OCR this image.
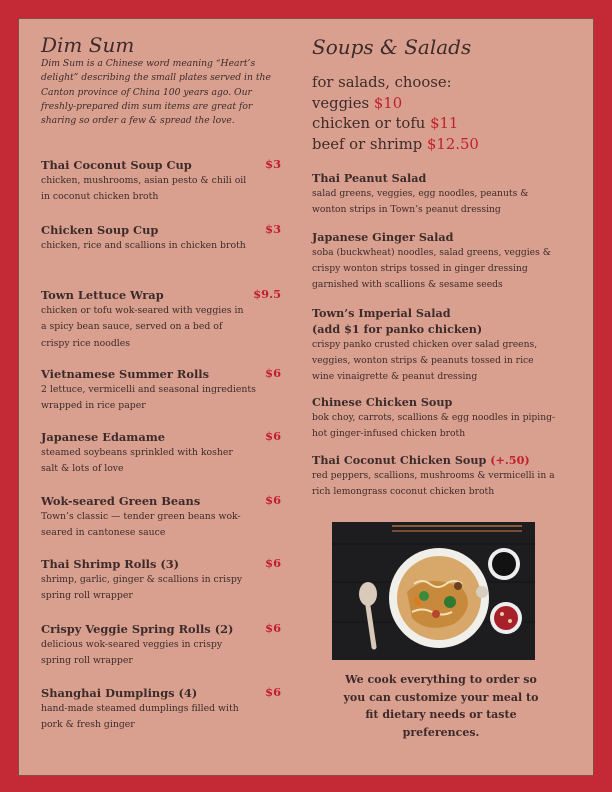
Dim Sum
Dim Sum is a Chinese word meaning “Heart’s delight” describing the small plates served in the Canton province of China 100 years ago. Our freshly-prepared dim sum items are great for sharing so order a few & spread the love.
Thai Coconut Soup Cup	$3
chicken, mushrooms, asian pesto & chili oil in coconut chicken broth
Chicken Soup Cup	$3
chicken, rice and scallions in chicken broth
Town Lettuce Wrap	$9.5
chicken or tofu wok-seared with veggies in a spicy bean sauce, served on a bed of crispy rice noodles
Vietnamese Summer Rolls	$6
2 lettuce, vermicelli and seasonal ingredients wrapped in rice paper
Japanese Edamame	$6
steamed soybeans sprinkled with kosher salt & lots of love
Wok-seared Green Beans	$6
Town’s classic — tender green beans wok-seared in cantonese sauce
Thai Shrimp Rolls (3)	$6
shrimp, garlic, ginger & scallions in crispy spring roll wrapper
Crispy Veggie Spring Rolls (2)	$6
delicious wok-seared veggies in crispy spring roll wrapper
Shanghai Dumplings (4)	$6
hand-made steamed dumplings filled with pork & fresh ginger
Soups & Salads
for salads, choose:
veggies $10
chicken or tofu $11
beef or shrimp $12.50
Thai Peanut Salad
salad greens, veggies, egg noodles, peanuts & wonton strips in Town’s peanut dressing
Japanese Ginger Salad
soba (buckwheat) noodles, salad greens, veggies & crispy wonton strips tossed in ginger dressing garnished with scallions & sesame seeds
Town’s Imperial Salad
(add $1 for panko chicken)
crispy panko crusted chicken over salad greens, veggies, wonton strips & peanuts tossed in rice wine vinaigrette & peanut dressing
Chinese Chicken Soup
bok choy, carrots, scallions & egg noodles in piping-hot ginger-infused chicken broth
Thai Coconut Chicken Soup (+.50)
red peppers, scallions, mushrooms & vermicelli in a rich lemongrass coconut chicken broth
We cook everything to order so you can customize your meal to fit dietary needs or taste preferences.
